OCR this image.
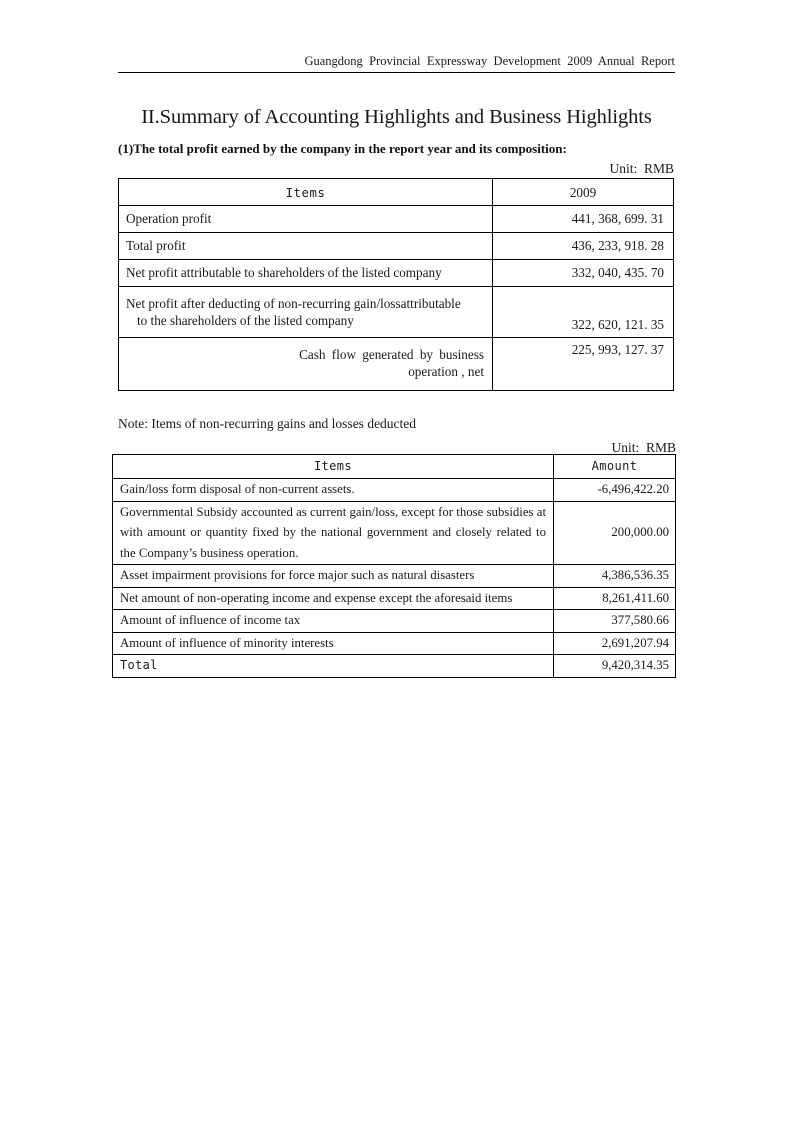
Guangdong Provincial Expressway Development 2009 Annual Report
II.Summary of Accounting Highlights and Business Highlights
(1)The total profit earned by the company in the report year and its composition:
Unit:  RMB
Items	2009
Operation profit	441, 368, 699. 31
Total profit	436, 233, 918. 28
Net profit attributable to shareholders of the listed company	332, 040, 435. 70

Net profit after deducting of non-recurring gain/lossattributable
to the shareholders of the listed company	322, 620, 121. 35

Cash flow generated by business
operation , net	225, 993, 127. 37
Note: Items of non-recurring gains and losses deducted
Unit:  RMB
Items	Amount
Gain/loss form disposal of non-current assets.	-6,496,422.20
Governmental Subsidy accounted as current gain/loss, except for those subsidies at with amount or quantity fixed by the national government and closely related to the Company’s business operation.	200,000.00
Asset impairment provisions for force major such as natural disasters	4,386,536.35
Net amount of non-operating income and expense except the aforesaid items	8,261,411.60
Amount of influence of income tax	377,580.66
Amount of influence of minority interests	2,691,207.94
Total	9,420,314.35
